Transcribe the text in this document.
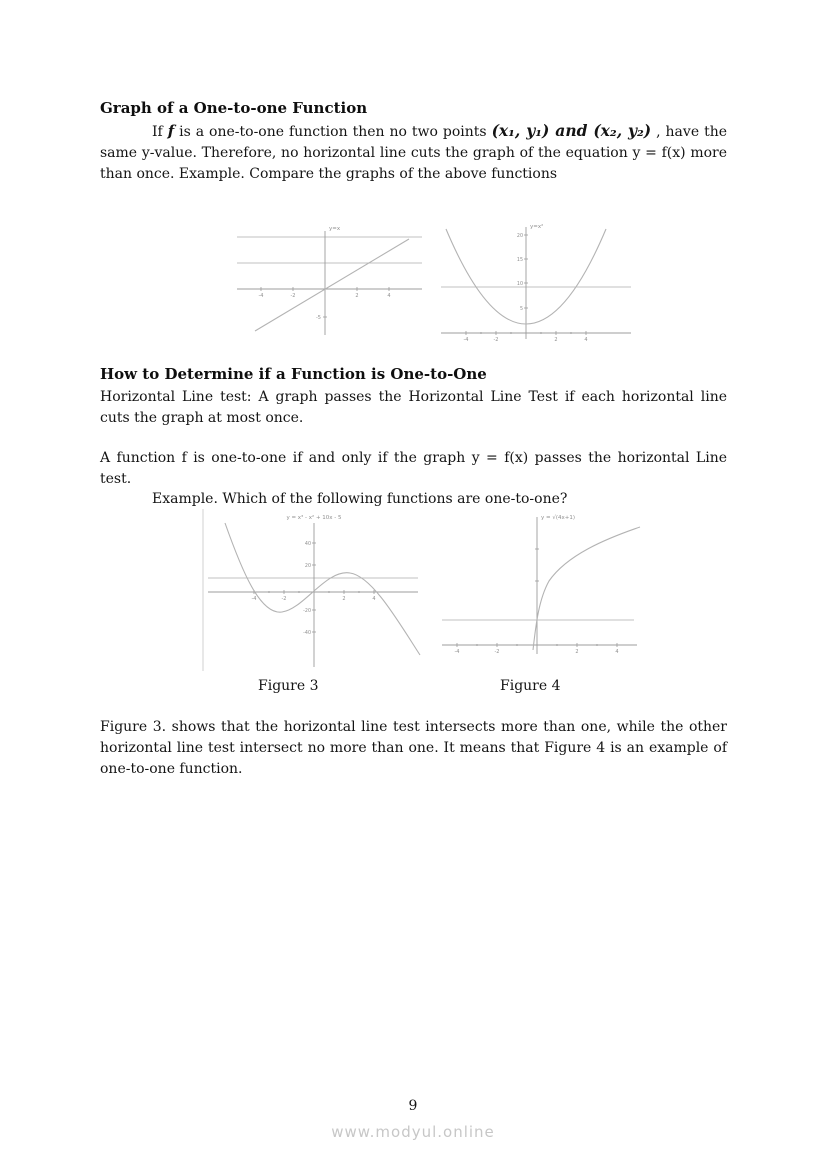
Graph of a One-to-one Function
If f is a one-to-one function then no two points (x₁, y₁) and (x₂, y₂) , have the same y-value. Therefore, no horizontal line cuts the graph of the equation y = f(x) more than once. Example. Compare the graphs of the above functions
y=x
-4	-2	2	4
-5
y=x²
20
15
10
5
-4	-2	2	4
How to Determine if a Function is One-to-One
Horizontal Line test: A graph passes the Horizontal Line Test if each horizontal line cuts the graph at most once.
A function f is one-to-one if and only if the graph y = f(x) passes the horizontal Line test.
Example. Which of the following functions are one-to-one?
y = x³ - x² + 10x - 5
40
20
-20
-40
-4	-2	2	4
y = √(4x+1)
-4	-2	2	4
Figure 3	Figure 4
Figure 3. shows that the horizontal line test intersects more than one, while the other horizontal line test intersect no more than one. It means that Figure 4 is an example of one-to-one function.
9
www.modyul.online
